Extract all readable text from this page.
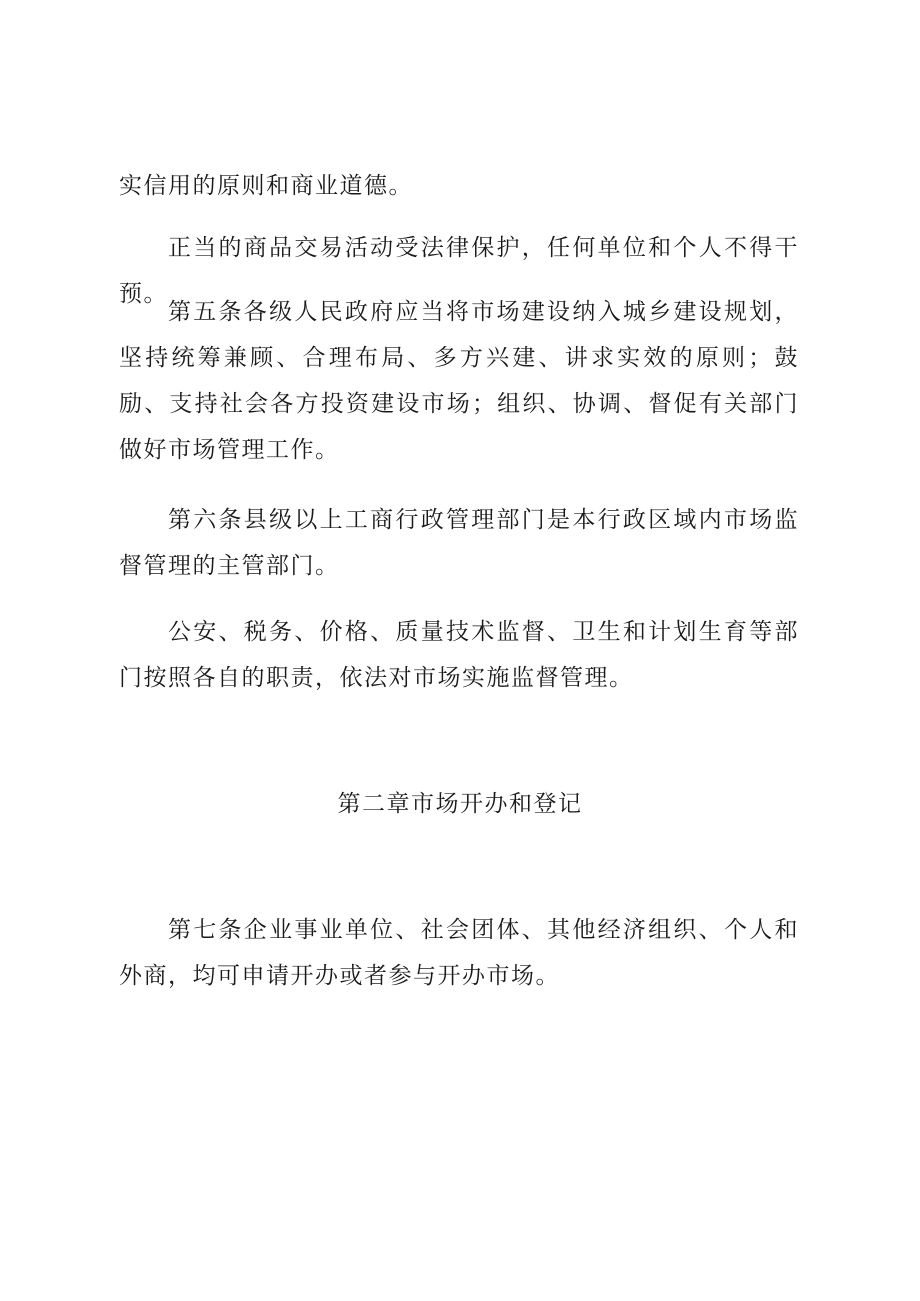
实信用的原则和商业道德。

正当的商品交易活动受法律保护，任何单位和个人不得干预。

第五条各级人民政府应当将市场建设纳入城乡建设规划，坚持统筹兼顾、合理布局、多方兴建、讲求实效的原则；鼓励、支持社会各方投资建设市场；组织、协调、督促有关部门做好市场管理工作。

第六条县级以上工商行政管理部门是本行政区域内市场监督管理的主管部门。

公安、税务、价格、质量技术监督、卫生和计划生育等部门按照各自的职责，依法对市场实施监督管理。

第二章市场开办和登记

第七条企业事业单位、社会团体、其他经济组织、个人和外商，均可申请开办或者参与开办市场。
